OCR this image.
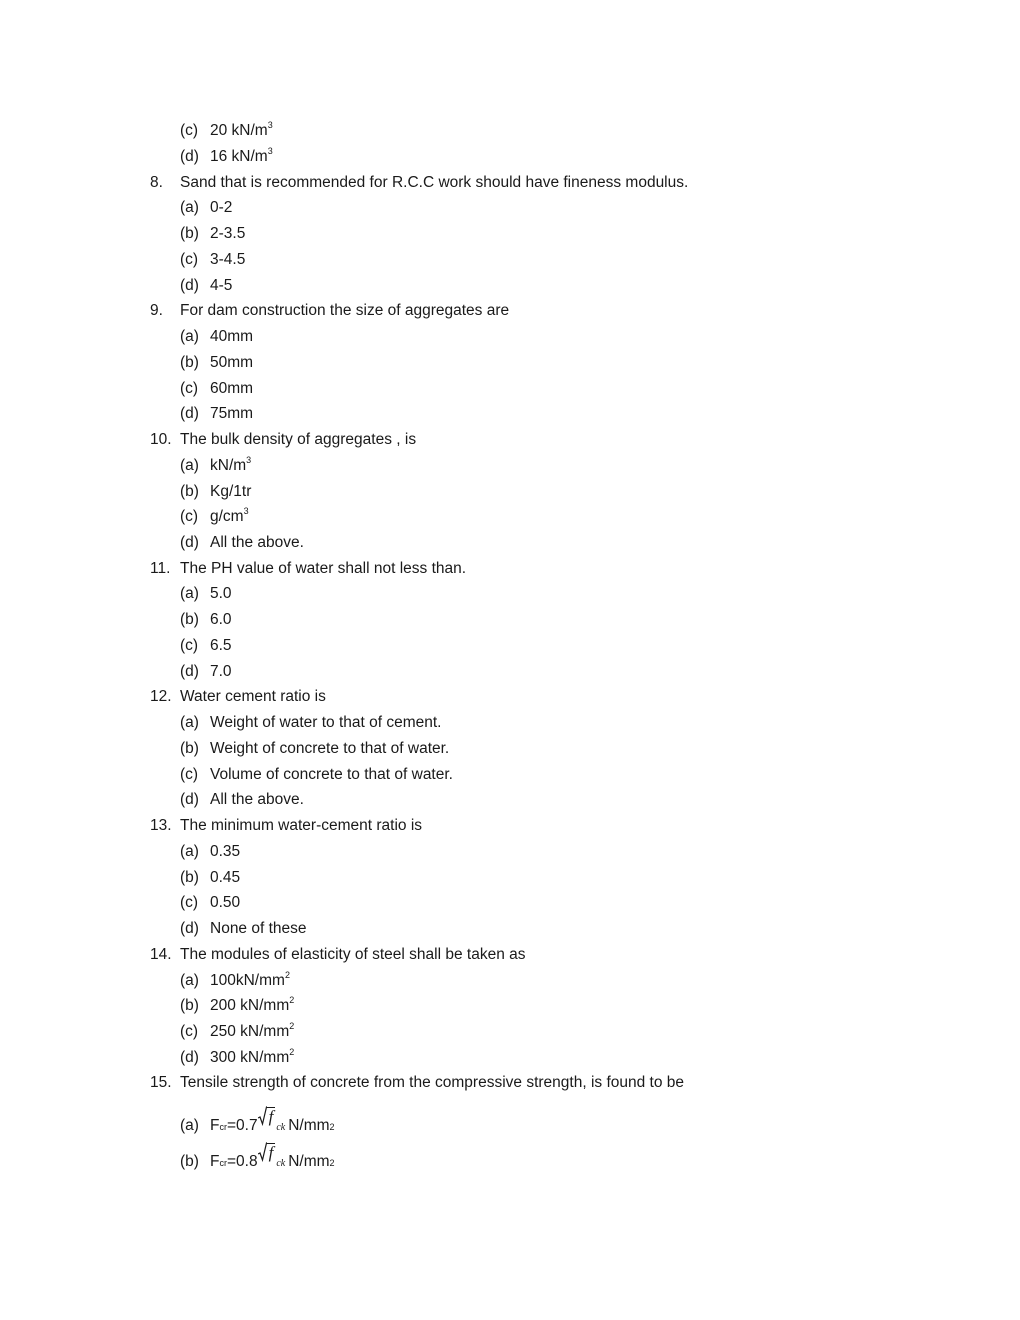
(c) 20 $kN/m^3$
(d) 16 $kN/m^3$
8. Sand that is recommended for R.C.C work should have fineness modulus.
(a) 0-2
(b) 2-3.5
(c) 3-4.5
(d) 4-5
9. For dam construction the size of aggregates are
(a) 40mm
(b) 50mm
(c) 60mm
(d) 75mm
10. The bulk density of aggregates , is
(a) $kN/m^3$
(b) Kg/1tr
(c) $g/cm^3$
(d) All the above.
11. The PH value of water shall not less than.
(a) 5.0
(b) 6.0
(c) 6.5
(d) 7.0
12. Water cement ratio is
(a) Weight of water to that of cement.
(b) Weight of concrete to that of water.
(c) Volume of concrete to that of water.
(d) All the above.
13. The minimum water-cement ratio is
(a) 0.35
(b) 0.45
(c) 0.50
(d) None of these
14. The modules of elasticity of steel shall be taken as
(a) $100kN/mm^2$
(b) 200 $kN/mm^2$
(c) 250 $kN/mm^2$
(d) 300 $kN/mm^2$
15. Tensile strength of concrete from the compressive strength, is found to be
(a) F cr =0.7 f
ck N/mm 2
(b) F cr =0.8 f
ck N/mm 2
